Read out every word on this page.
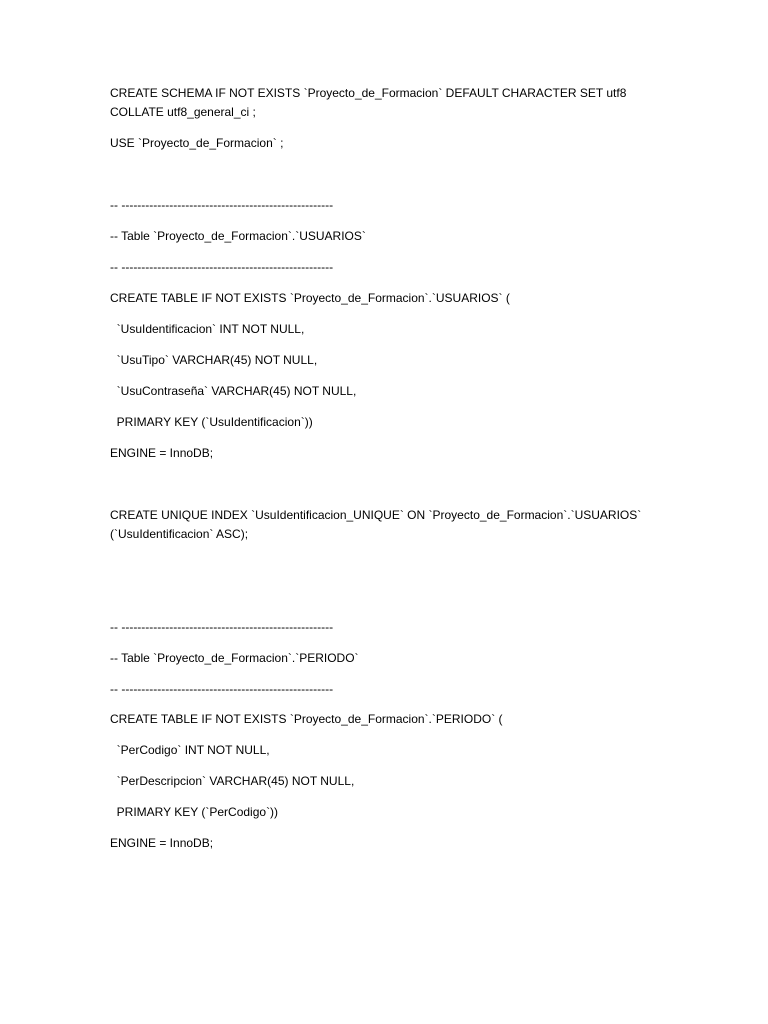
CREATE SCHEMA IF NOT EXISTS `Proyecto_de_Formacion` DEFAULT CHARACTER SET utf8
COLLATE utf8_general_ci ;
USE `Proyecto_de_Formacion` ;
-- -----------------------------------------------------
-- Table `Proyecto_de_Formacion`.`USUARIOS`
-- -----------------------------------------------------
CREATE TABLE IF NOT EXISTS `Proyecto_de_Formacion`.`USUARIOS` (
`UsuIdentificacion` INT NOT NULL,
`UsuTipo` VARCHAR(45) NOT NULL,
`UsuContraseña` VARCHAR(45) NOT NULL,
PRIMARY KEY (`UsuIdentificacion`))
ENGINE = InnoDB;
CREATE UNIQUE INDEX `UsuIdentificacion_UNIQUE` ON `Proyecto_de_Formacion`.`USUARIOS`
(`UsuIdentificacion` ASC);
-- -----------------------------------------------------
-- Table `Proyecto_de_Formacion`.`PERIODO`
-- -----------------------------------------------------
CREATE TABLE IF NOT EXISTS `Proyecto_de_Formacion`.`PERIODO` (
`PerCodigo` INT NOT NULL,
`PerDescripcion` VARCHAR(45) NOT NULL,
PRIMARY KEY (`PerCodigo`))
ENGINE = InnoDB;
